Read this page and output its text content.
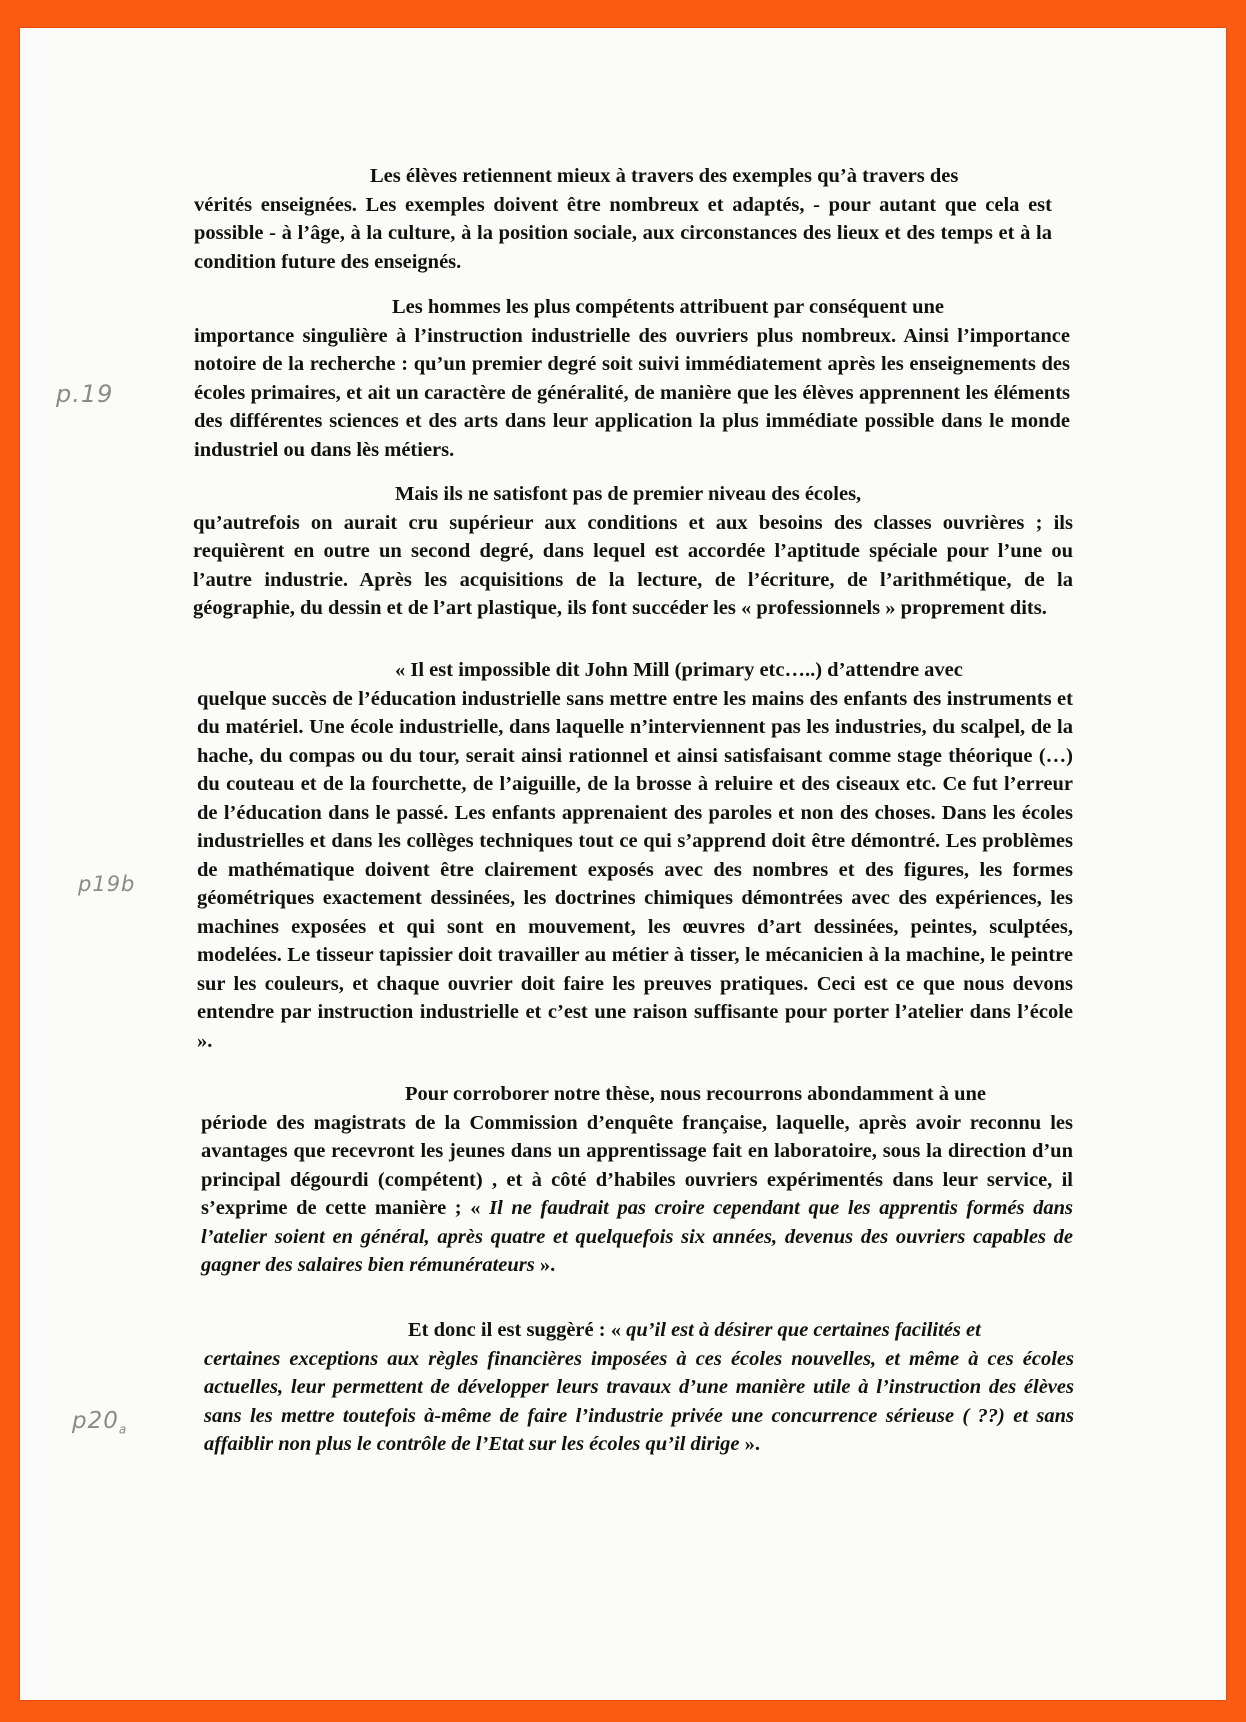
Les élèves retiennent mieux à travers des exemples qu’à travers des
vérités enseignées. Les exemples doivent être nombreux et adaptés, - pour autant que cela est possible - à l’âge, à la culture, à la position sociale, aux circonstances des lieux et des temps et à la condition future des enseignés.
Les hommes les plus compétents attribuent par conséquent une
importance singulière à l’instruction industrielle des ouvriers plus nombreux. Ainsi l’importance notoire de la recherche : qu’un premier degré soit suivi immédiatement après les enseignements des écoles primaires, et ait un caractère de généralité, de manière que les élèves apprennent les éléments des différentes sciences et des arts dans leur application la plus immédiate possible dans le monde industriel ou dans lès métiers.
Mais ils ne satisfont pas de premier niveau des écoles,
qu’autrefois on aurait cru supérieur aux conditions et aux besoins des classes ouvrières ; ils requièrent en outre un second degré, dans lequel est accordée l’aptitude spéciale pour l’une ou l’autre industrie. Après les acquisitions de la lecture, de l’écriture, de l’arithmétique, de la géographie, du dessin et de l’art plastique, ils font succéder les « professionnels » proprement dits.
« Il est impossible dit John Mill (primary etc…..) d’attendre avec
quelque succès de l’éducation industrielle sans mettre entre les mains des enfants des instruments et du matériel. Une école industrielle, dans laquelle n’interviennent pas les industries, du scalpel, de la hache, du compas ou du tour, serait ainsi rationnel et ainsi satisfaisant comme stage théorique (…) du couteau et de la fourchette, de l’aiguille, de la brosse à reluire et des ciseaux etc. Ce fut l’erreur de l’éducation dans le passé. Les enfants apprenaient des paroles et non des choses. Dans les écoles industrielles et dans les collèges techniques tout ce qui s’apprend doit être démontré. Les problèmes de mathématique doivent être clairement exposés avec des nombres et des figures, les formes géométriques exactement dessinées, les doctrines chimiques démontrées avec des expériences, les machines exposées et qui sont en mouvement, les œuvres d’art dessinées, peintes, sculptées, modelées. Le tisseur tapissier doit travailler au métier à tisser, le mécanicien à la machine, le peintre sur les couleurs, et chaque ouvrier doit faire les preuves pratiques. Ceci est ce que nous devons entendre par instruction industrielle et c’est une raison suffisante pour porter l’atelier dans l’école ».
Pour corroborer notre thèse, nous recourrons abondamment à une
période des magistrats de la Commission d’enquête française, laquelle, après avoir reconnu les avantages que recevront les jeunes dans un apprentissage fait en laboratoire, sous la direction d’un principal dégourdi (compétent) , et à côté d’habiles ouvriers expérimentés dans leur service, il s’exprime de cette manière ; « Il ne faudrait pas croire cependant que les apprentis formés dans l’atelier soient en général, après quatre et quelquefois six années, devenus des ouvriers capables de gagner des salaires bien rémunérateurs ».
Et donc il est suggèré : « qu’il est à désirer que certaines facilités et
certaines exceptions aux règles financières imposées à ces écoles nouvelles, et même à ces écoles actuelles, leur permettent de développer leurs travaux d’une manière utile à l’instruction des élèves sans les mettre toutefois à-même de faire l’industrie privée une concurrence sérieuse ( ??) et sans affaiblir non plus le contrôle de l’Etat sur les écoles qu’il dirige ».
p.19
p19b
$p20_a$
